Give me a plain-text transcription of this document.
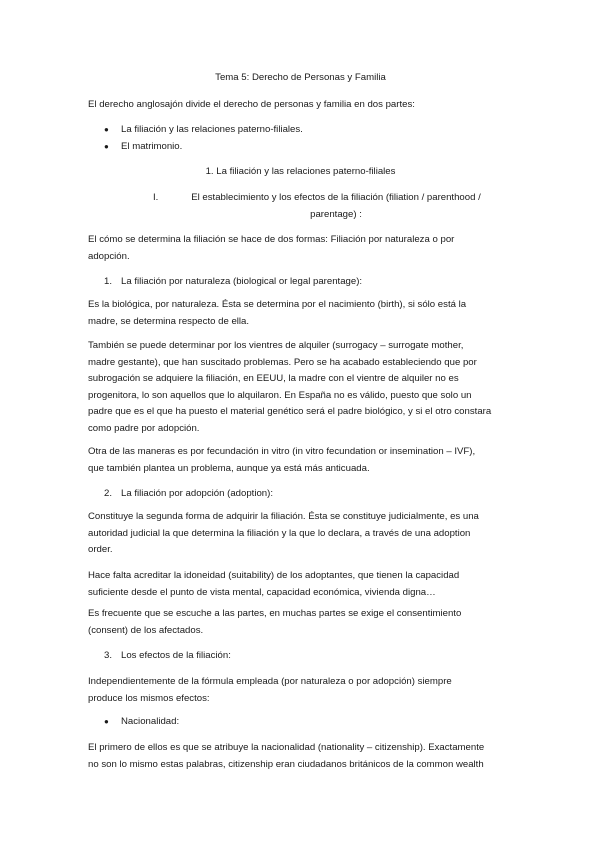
Tema 5: Derecho de Personas y Familia
El derecho anglosajón divide el derecho de personas y familia en dos partes:
●	La filiación y las relaciones paterno-filiales.
●	El matrimonio.
1. La filiación y las relaciones paterno-filiales
I.	El establecimiento y los efectos de la filiación (filiation / parenthood /
parentage) :
El cómo se determina la filiación se hace de dos formas: Filiación por naturaleza o por
adopción.
1. La filiación por naturaleza (biological or legal parentage):
Es la biológica, por naturaleza. Ésta se determina por el nacimiento (birth), si sólo está la
madre, se determina respecto de ella.
También se puede determinar por los vientres de alquiler (surrogacy – surrogate mother,
madre gestante), que han suscitado problemas. Pero se ha acabado estableciendo que por
subrogación se adquiere la filiación, en EEUU, la madre con el vientre de alquiler no es
progenitora, lo son aquellos que lo alquilaron. En España no es válido, puesto que solo un
padre que es el que ha puesto el material genético será el padre biológico, y si el otro constara
como padre por adopción.
Otra de las maneras es por fecundación in vitro (in vitro fecundation or insemination – IVF),
que también plantea un problema, aunque ya está más anticuada.
2. La filiación por adopción (adoption):
Constituye la segunda forma de adquirir la filiación. Ésta se constituye judicialmente, es una
autoridad judicial la que determina la filiación y la que lo declara, a través de una adoption
order.
Hace falta acreditar la idoneidad (suitability) de los adoptantes, que tienen la capacidad
suficiente desde el punto de vista mental, capacidad económica, vivienda digna…
Es frecuente que se escuche a las partes, en muchas partes se exige el consentimiento
(consent) de los afectados.
3. Los efectos de la filiación:
Independientemente de la fórmula empleada (por naturaleza o por adopción) siempre
produce los mismos efectos:
●	Nacionalidad:
El primero de ellos es que se atribuye la nacionalidad (nationality – citizenship). Exactamente
no son lo mismo estas palabras, citizenship eran ciudadanos británicos de la common wealth
